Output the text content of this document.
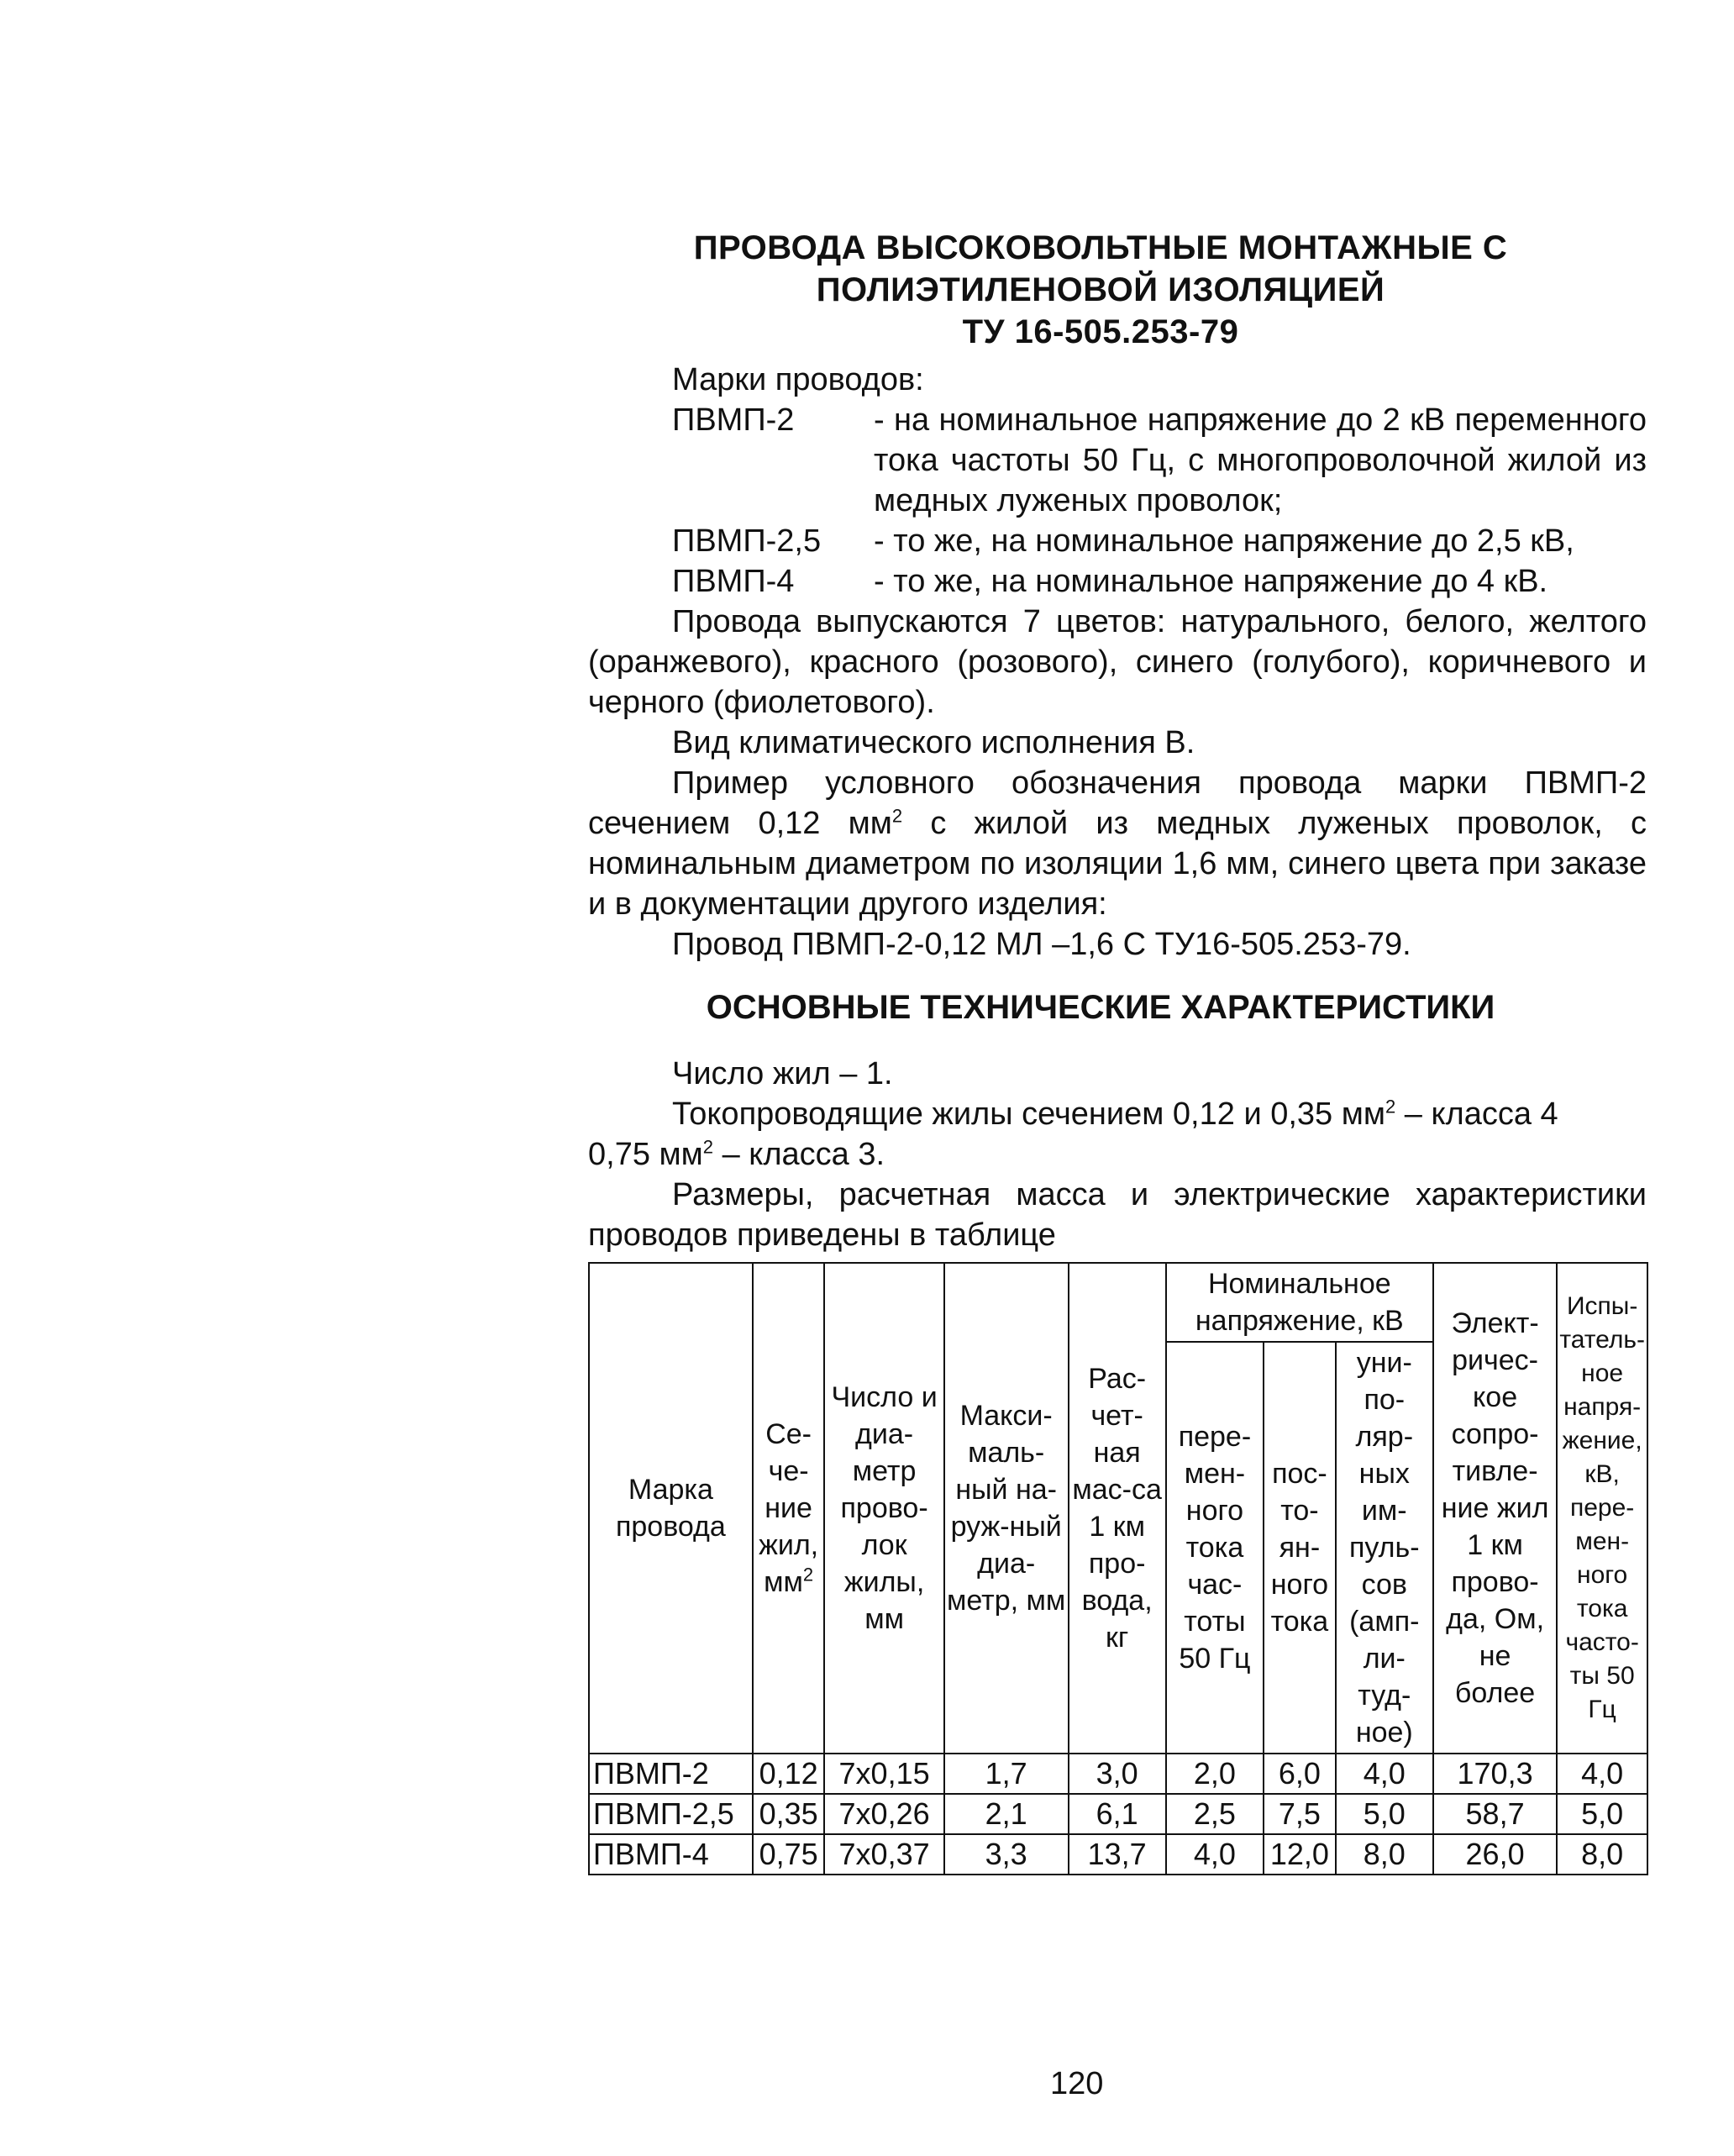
ПРОВОДА ВЫСОКОВОЛЬТНЫЕ МОНТАЖНЫЕ С
ПОЛИЭТИЛЕНОВОЙ ИЗОЛЯЦИЕЙ
ТУ 16-505.253-79

Марки проводов:

ПВМП-2	- на номинальное напряжение до 2 кВ переменного тока частоты 50 Гц, с многопроволочной жилой из медных луженых проволок;
ПВМП-2,5	- то же, на номинальное напряжение до 2,5 кВ,
ПВМП-4	- то же, на номинальное напряжение до 4 кВ.

Провода выпускаются 7 цветов: натурального, белого, желтого (оранжевого), красного (розового), синего (голубого), коричневого и черного (фиолетового).

Вид климатического исполнения В.

Пример условного обозначения провода марки ПВМП-2 сечением 0,12 $мм^2$ с жилой из медных луженых проволок, с номинальным диаметром по изоляции 1,6 мм, синего цвета при заказе и в документации другого изделия:

Провод ПВМП-2-0,12 МЛ –1,6 С ТУ16-505.253-79.

ОСНОВНЫЕ ТЕХНИЧЕСКИЕ ХАРАКТЕРИСТИКИ

Число жил – 1.

Токопроводящие жилы сечением 0,12 и 0,35 $мм^2$ – класса 4

0,75 $мм^2$ – класса 3.

Размеры, расчетная масса и электрические характеристики проводов приведены в таблице

Марка провода	Се-че-ние жил, $мм^2$	Число и диа-метр прово-лок жилы, мм	Макси-маль-ный на-руж-ный диа-метр, мм	Рас-чет-ная мас-са 1 км про-вода, кг	Номинальное напряжение, кВ			Элект-ричес-кое сопро-тивле-ние жил 1 км прово-да, Ом, не более	Испы-татель-ное напря-жение, кВ, пере-мен-ного тока часто-ты 50 Гц
					пере-мен-ного тока час-тоты 50 Гц	пос-то-ян-ного тока	уни-по-ляр-ных им-пуль-сов (амп-ли-туд-ное)		
ПВМП-2	0,12	7х0,15	1,7	3,0	2,0	6,0	4,0	170,3	4,0
ПВМП-2,5	0,35	7х0,26	2,1	6,1	2,5	7,5	5,0	58,7	5,0
ПВМП-4	0,75	7х0,37	3,3	13,7	4,0	12,0	8,0	26,0	8,0
120
